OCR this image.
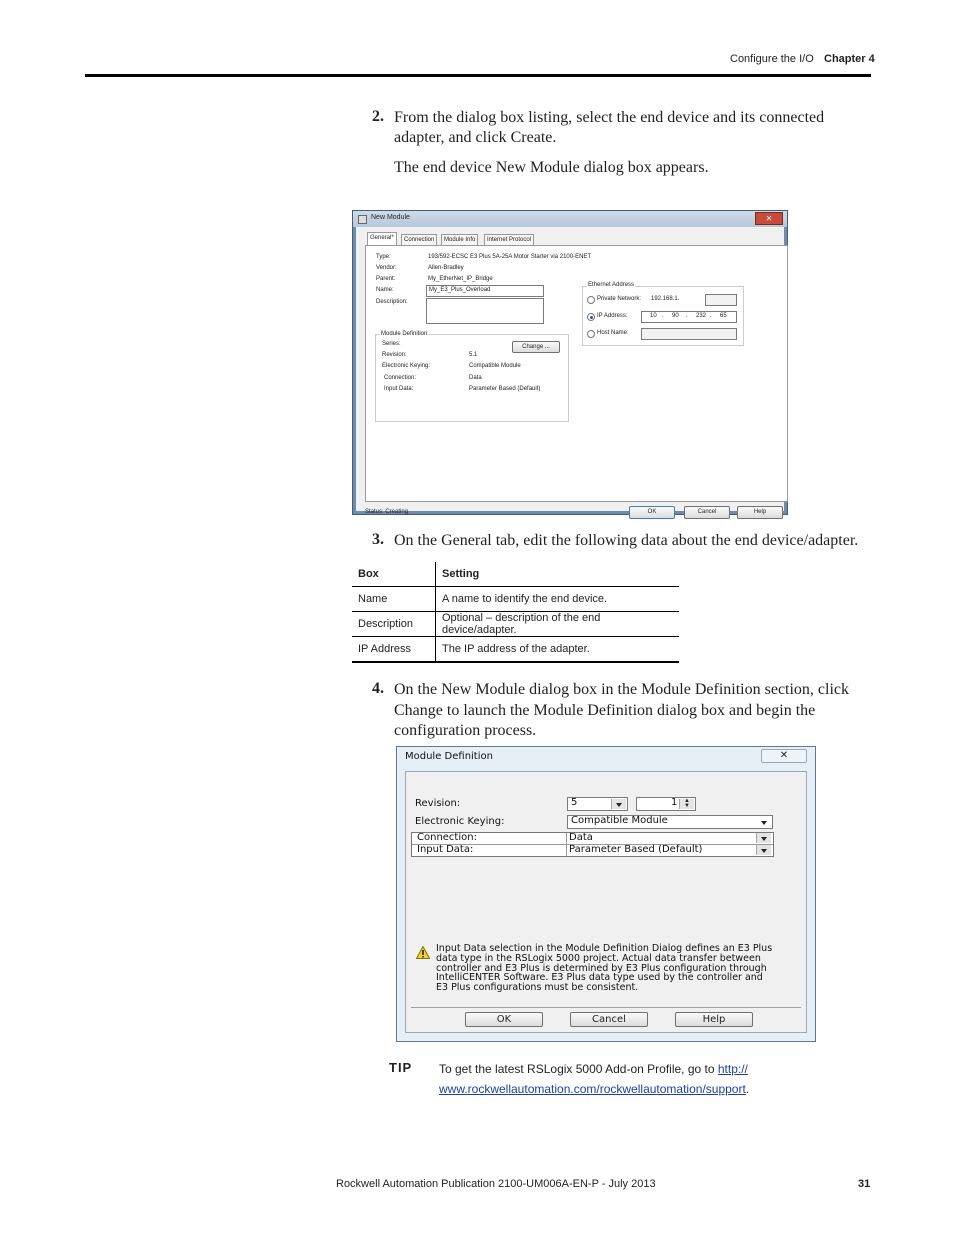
Configure the I/O Chapter 4
2. From the dialog box listing, select the end device and its connected
adapter, and click Create.
The end device New Module dialog box appears.
New Module	✕
General*	Connection	Module Info	Internet Protocol
Type:	193/592-ECSC E3 Plus 5A-25A Motor Starter via 2100-ENET
Vendor:	Allen-Bradley
Parent:	My_EtherNet_IP_Bridge
Name:	My_E3_Plus_Overload
Description:
Module Definition
Series:	Change ...
Revision:	5.1
Electronic Keying:	Compatible Module
Connection:	Data
Input Data:	Parameter Based (Default)
Ethernet Address
Private Network: 192.168.1.
IP Address:	10 . 90 . 232 . 65
Host Name:
Status: Creating	OK	Cancel	Help
3. On the General tab, edit the following data about the end device/adapter.
Box	Setting
Name	A name to identify the end device.
Description	Optional – description of the end device/adapter.
IP Address	The IP address of the adapter.
4. On the New Module dialog box in the Module Definition section, click
Change to launch the Module Definition dialog box and begin the
configuration process.
Module Definition	✕
Revision:	5	1	▲
▼
Electronic Keying:	Compatible Module
Connection:	Data
Input Data:	Parameter Based (Default)
Input Data selection in the Module Definition Dialog defines an E3 Plus
data type in the RSLogix 5000 project. Actual data transfer between
controller and E3 Plus is determined by E3 Plus configuration through
IntelliCENTER Software. E3 Plus data type used by the controller and
E3 Plus configurations must be consistent.
OK	Cancel	Help
TIP To get the latest RSLogix 5000 Add-on Profile, go to http://
www.rockwellautomation.com/rockwellautomation/support.
Rockwell Automation Publication 2100-UM006A-EN-P - July 2013	31
